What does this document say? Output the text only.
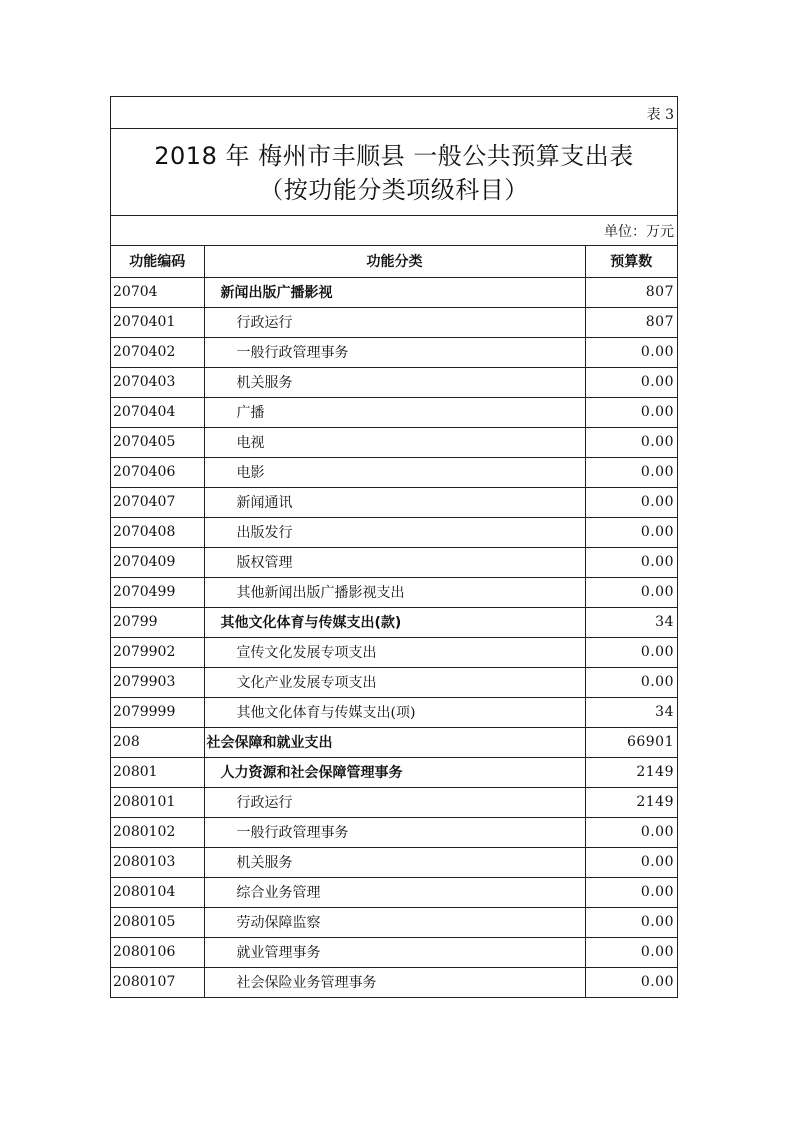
表 3
2018 年 梅州市丰顺县 一般公共预算支出表
（按功能分类项级科目）
单位：万元
功能编码	功能分类	预算数
20704	新闻出版广播影视	807
2070401	行政运行	807
2070402	一般行政管理事务	0.00
2070403	机关服务	0.00
2070404	广播	0.00
2070405	电视	0.00
2070406	电影	0.00
2070407	新闻通讯	0.00
2070408	出版发行	0.00
2070409	版权管理	0.00
2070499	其他新闻出版广播影视支出	0.00
20799	其他文化体育与传媒支出(款)	34
2079902	宣传文化发展专项支出	0.00
2079903	文化产业发展专项支出	0.00
2079999	其他文化体育与传媒支出(项)	34
208	社会保障和就业支出	66901
20801	人力资源和社会保障管理事务	2149
2080101	行政运行	2149
2080102	一般行政管理事务	0.00
2080103	机关服务	0.00
2080104	综合业务管理	0.00
2080105	劳动保障监察	0.00
2080106	就业管理事务	0.00
2080107	社会保险业务管理事务	0.00
